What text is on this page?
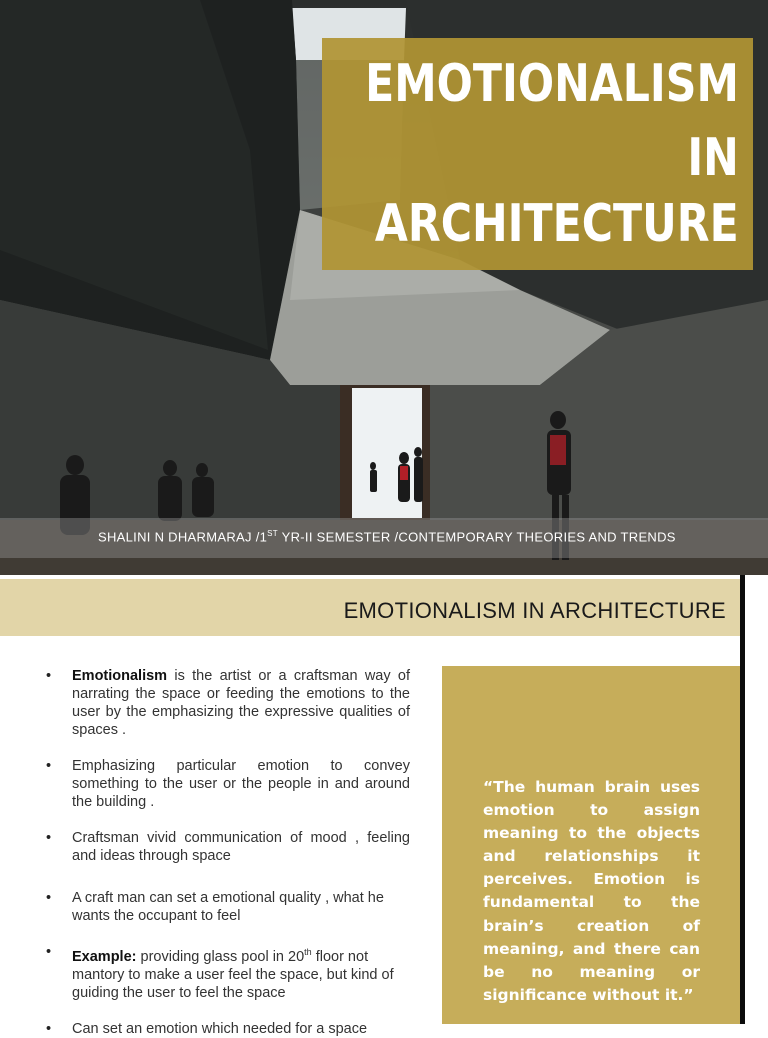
EMOTIONALISM
IN
ARCHITECTURE
SHALINI N DHARMARAJ /1ST YR-II SEMESTER /CONTEMPORARY THEORIES AND TRENDS
EMOTIONALISM IN ARCHITECTURE
• Emotionalism is the artist or a craftsman way of narrating the space or feeding the emotions to the user by the emphasizing the expressive qualities of spaces .
• Emphasizing particular emotion to convey something to the user or the people in and around the building .
• Craftsman vivid communication of mood , feeling and ideas through space
• A craft man can set a emotional quality , what he wants the occupant to feel
• Example: providing glass pool in 20th floor not mantory to make a user feel the space, but kind of guiding the user to feel the space
• Can set an emotion which needed for a space
“The human brain uses emotion to assign meaning to the objects and relationships it perceives. Emotion is fundamental to the brain’s creation of meaning, and there can be no meaning or significance without it.”
